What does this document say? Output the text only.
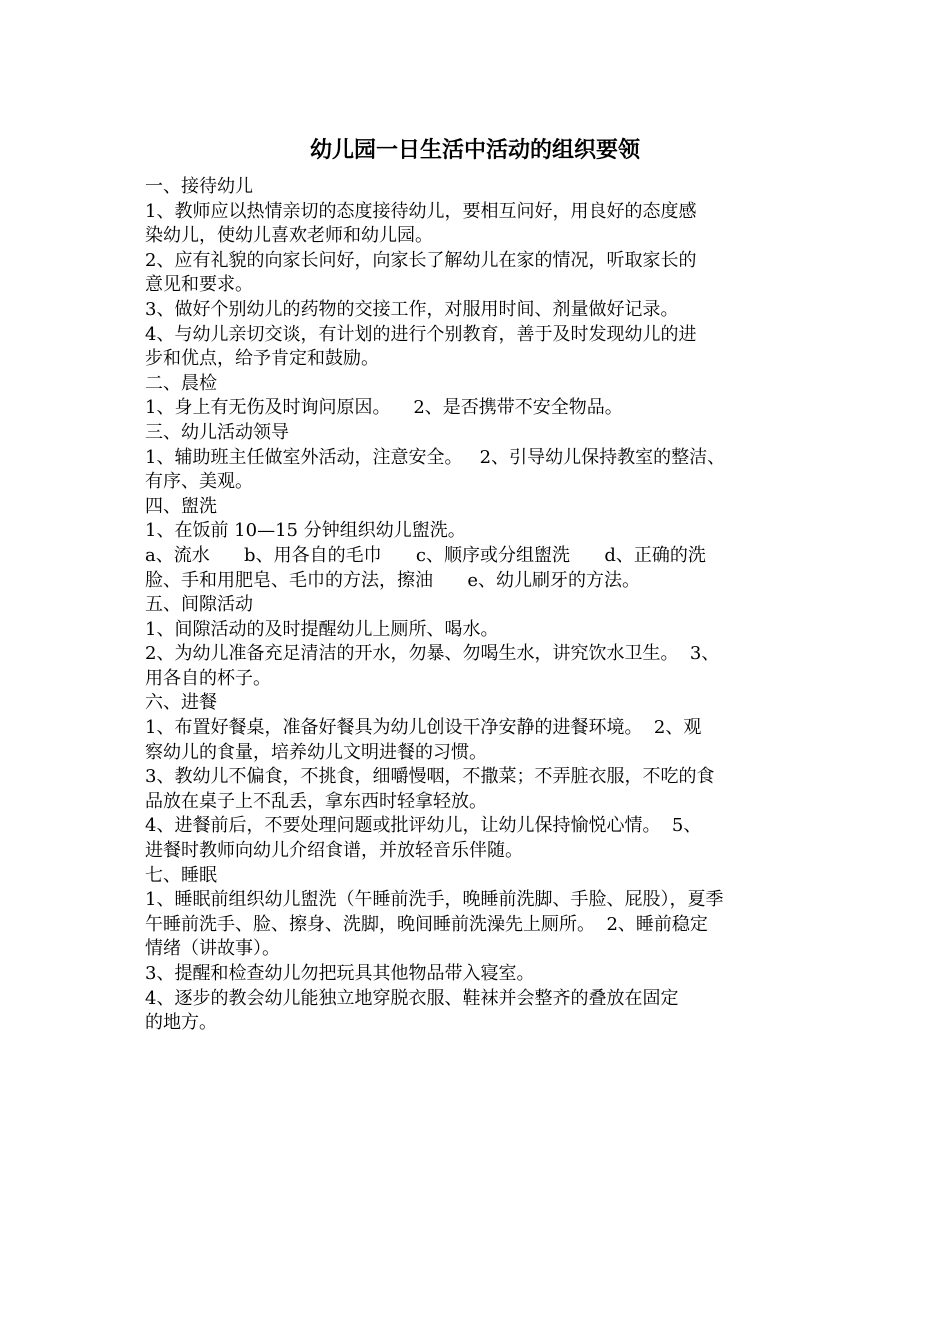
幼儿园一日生活中活动的组织要领
一、接待幼儿
1、教师应以热情亲切的态度接待幼儿，要相互问好，用良好的态度感
染幼儿，使幼儿喜欢老师和幼儿园。
2、应有礼貌的向家长问好，向家长了解幼儿在家的情况，听取家长的
意见和要求。
3、做好个别幼儿的药物的交接工作，对服用时间、剂量做好记录。
4、与幼儿亲切交谈，有计划的进行个别教育，善于及时发现幼儿的进
步和优点，给予肯定和鼓励。
二、晨检
1、身上有无伤及时询问原因。    2、是否携带不安全物品。
三、幼儿活动领导
1、辅助班主任做室外活动，注意安全。   2、引导幼儿保持教室的整洁、
有序、美观。
四、盥洗
1、在饭前 10—15 分钟组织幼儿盥洗。
a、流水      b、用各自的毛巾      c、顺序或分组盥洗      d、正确的洗
脸、手和用肥皂、毛巾的方法，擦油      e、幼儿刷牙的方法。
五、间隙活动
1、间隙活动的及时提醒幼儿上厕所、喝水。
2、为幼儿准备充足清洁的开水，勿暴、勿喝生水，讲究饮水卫生。  3、
用各自的杯子。
六、进餐
1、布置好餐桌，准备好餐具为幼儿创设干净安静的进餐环境。  2、观
察幼儿的食量，培养幼儿文明进餐的习惯。
3、教幼儿不偏食，不挑食，细嚼慢咽，不撒菜；不弄脏衣服，不吃的食
品放在桌子上不乱丢，拿东西时轻拿轻放。
4、进餐前后，不要处理问题或批评幼儿，让幼儿保持愉悦心情。  5、
进餐时教师向幼儿介绍食谱，并放轻音乐伴随。
七、睡眠
1、睡眠前组织幼儿盥洗（午睡前洗手，晚睡前洗脚、手脸、屁股），夏季
午睡前洗手、脸、擦身、洗脚，晚间睡前洗澡先上厕所。  2、睡前稳定
情绪（讲故事）。
3、提醒和检查幼儿勿把玩具其他物品带入寝室。
4、逐步的教会幼儿能独立地穿脱衣服、鞋袜并会整齐的叠放在固定
的地方。
